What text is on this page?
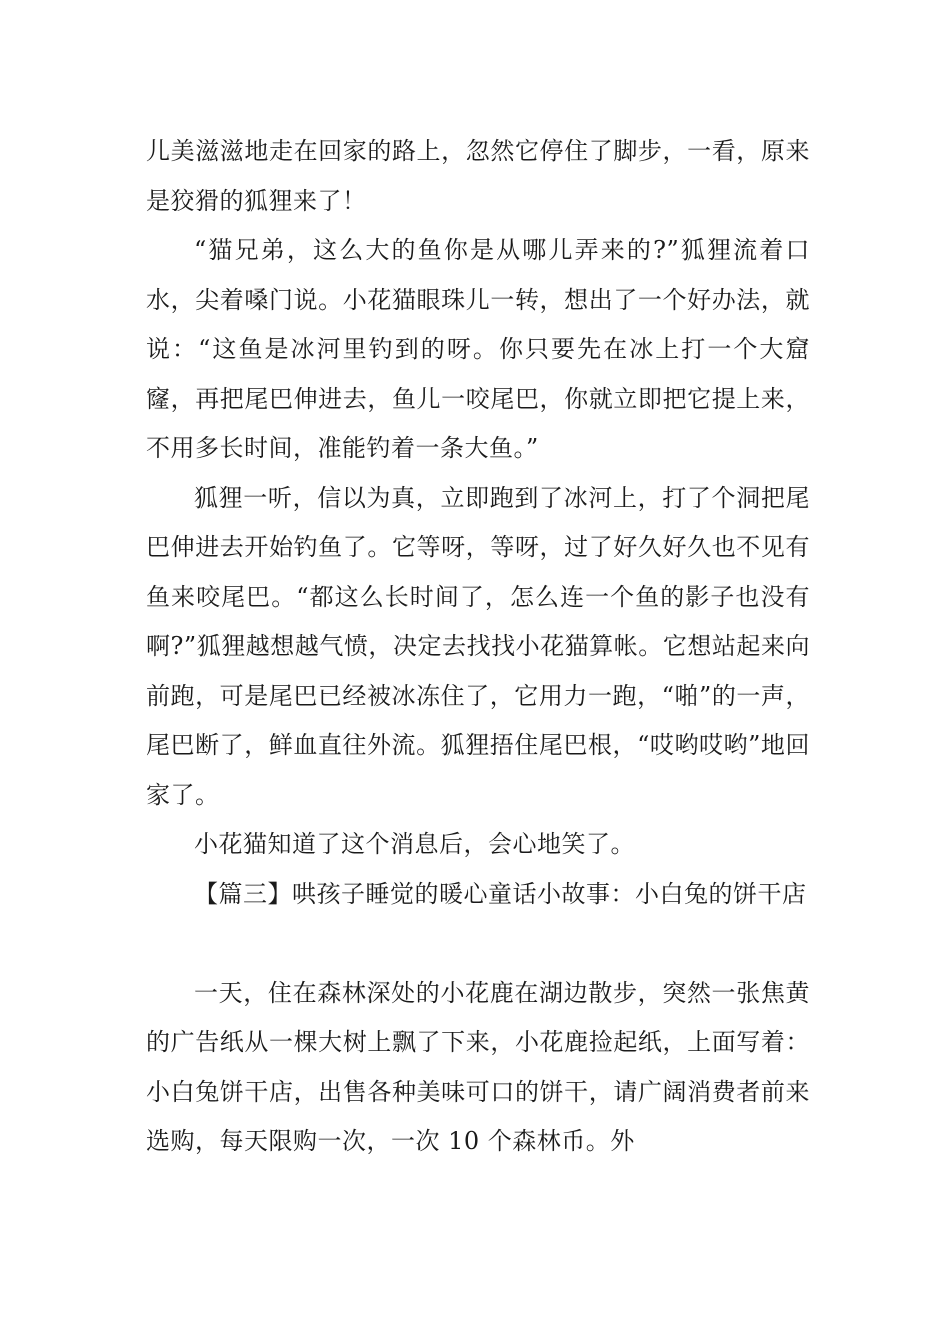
儿美滋滋地走在回家的路上，忽然它停住了脚步，一看，原来是狡猾的狐狸来了！

“猫兄弟，这么大的鱼你是从哪儿弄来的?”狐狸流着口水，尖着嗓门说。小花猫眼珠儿一转，想出了一个好办法，就说：“这鱼是冰河里钓到的呀。你只要先在冰上打一个大窟窿，再把尾巴伸进去，鱼儿一咬尾巴，你就立即把它提上来，不用多长时间，准能钓着一条大鱼。”

狐狸一听，信以为真，立即跑到了冰河上，打了个洞把尾巴伸进去开始钓鱼了。它等呀，等呀，过了好久好久也不见有鱼来咬尾巴。“都这么长时间了，怎么连一个鱼的影子也没有啊?”狐狸越想越气愤，决定去找找小花猫算帐。它想站起来向前跑，可是尾巴已经被冰冻住了，它用力一跑，“啪”的一声，尾巴断了，鲜血直往外流。狐狸捂住尾巴根，“哎哟哎哟”地回家了。

小花猫知道了这个消息后，会心地笑了。

【篇三】哄孩子睡觉的暖心童话小故事：小白兔的饼干店

一天，住在森林深处的小花鹿在湖边散步，突然一张焦黄的广告纸从一棵大树上飘了下来，小花鹿捡起纸，上面写着：小白兔饼干店，出售各种美味可口的饼干，请广阔消费者前来选购，每天限购一次，一次 10 个森林币。外
